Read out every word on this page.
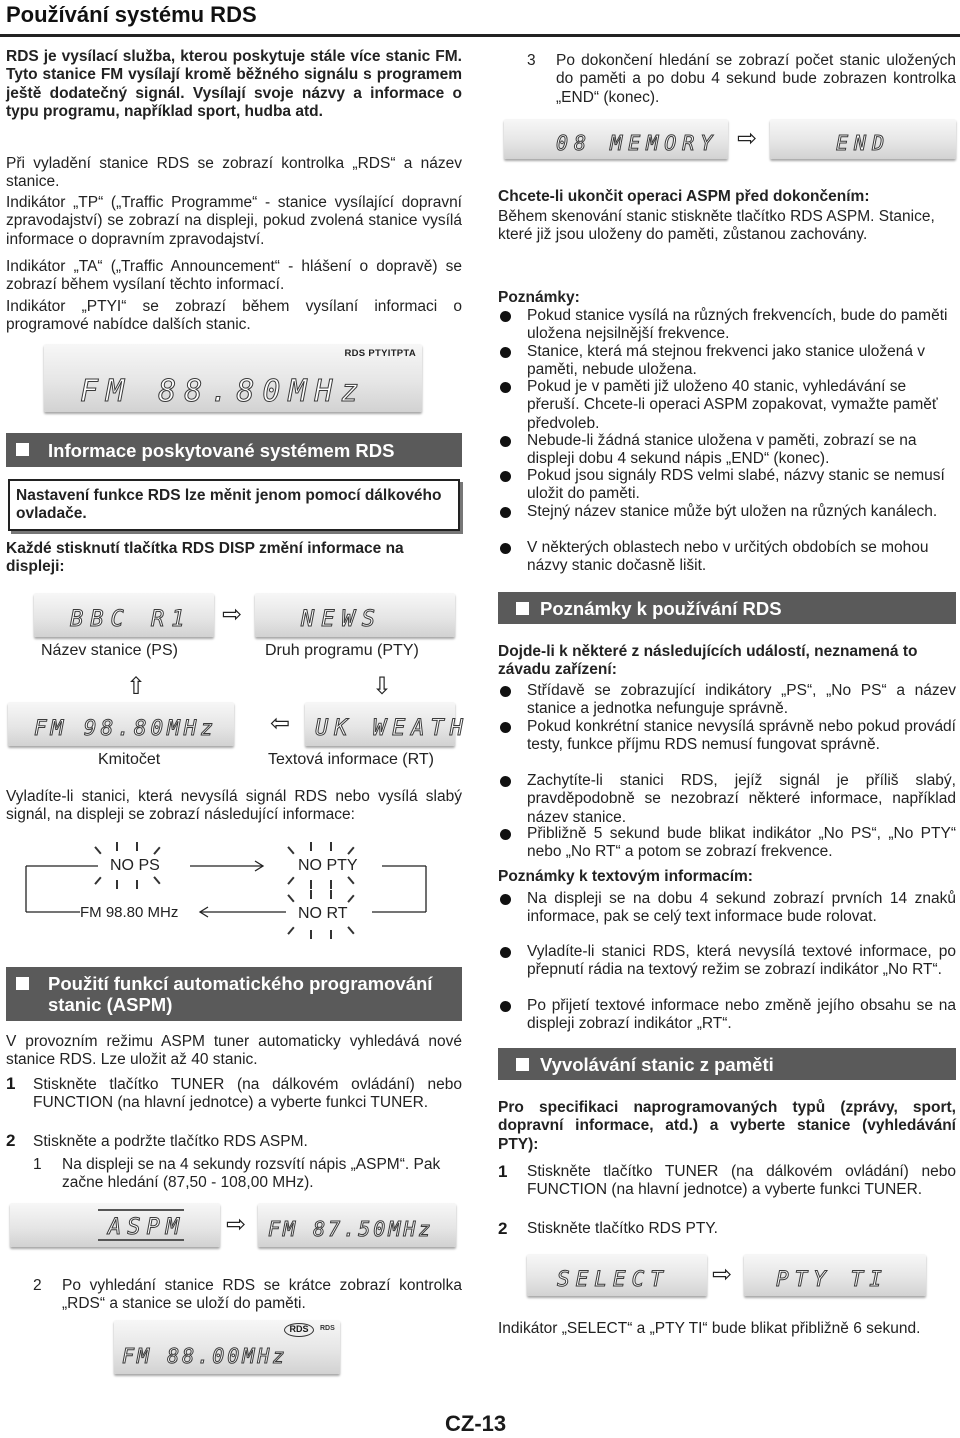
Používání systému RDS
RDS je vysílací služba, kterou poskytuje stále více stanic FM. Tyto stanice FM vysílají kromě běžného signálu s programem ještě dodatečný signál. Vysílají svoje názvy a informace o typu programu, například sport, hudba atd.
Při vyladění stanice RDS se zobrazí kontrolka „RDS“ a název stanice.
Indikátor „TP“ („Traffic Programme“ - stanice vysílající dopravní zpravodajství) se zobrazí na displeji, pokud zvolená stanice vysílá informace o dopravním zpravodajství.
Indikátor „TA“ („Traffic Announcement“ - hlášení o dopravě) se zobrazí během vysílaní těchto informací.
Indikátor „PTYI“ se zobrazí během vysílaní informaci o programové nabídce dalších stanic.
RDS PTYITPTA
FM 88.80MHz
Informace poskytované systémem RDS
Nastavení funkce RDS lze měnit jenom pomocí dálkového ovladače.
Každé stisknutí tlačítka RDS DISP změní informace na displeji:
BBC R1 ⇨	NEWS
Název stanice (PS)	Druh programu (PTY)
⇧	⇩
FM 98.80MHz ⇦ UK WEATH
Kmitočet	Textová informace (RT)
Vyladíte-li stanici, která nevysílá signál RDS nebo vysílá slabý signál, na displeji se zobrazí následující informace:
NO PS	NO PTY
FM 98.80 MHz	NO RT
Použití funkcí automatického programování stanic (ASPM)
V provozním režimu ASPM tuner automaticky vyhledává nové stanice RDS. Lze uložit až 40 stanic.
1 Stiskněte tlačítko TUNER (na dálkovém ovládání) nebo FUNCTION (na hlavní jednotce) a vyberte funkci TUNER.
2 Stiskněte a podržte tlačítko RDS ASPM.
1 Na displeji se na 4 sekundy rozsvítí nápis „ASPM“. Pak začne hledání (87,50 - 108,00 MHz).
ASPM ⇨ FM 87.50MHz
2 Po vyhledání stanice RDS se krátce zobrazí kontrolka „RDS“ a stanice se uloží do paměti.
RDS	RDS
FM 88.00MHz
CZ-13
3 Po dokončení hledání se zobrazí počet stanic uložených do paměti a po dobu 4 sekund bude zobrazen kontrolka „END“ (konec).
08 MEMORY ⇨	END
Chcete-li ukončit operaci ASPM před dokončením:
Během skenování stanic stiskněte tlačítko RDS ASPM. Stanice, které již jsou uloženy do paměti, zůstanou zachovány.
Poznámky:
Pokud stanice vysílá na různých frekvencích, bude do paměti uložena nejsilnější frekvence.
Stanice, která má stejnou frekvenci jako stanice uložená v paměti, nebude uložena.
Pokud je v paměti již uloženo 40 stanic, vyhledávání se přeruší. Chcete-li operaci ASPM zopakovat, vymažte paměť předvoleb.
Nebude-li žádná stanice uložena v paměti, zobrazí se na displeji dobu 4 sekund nápis „END“ (konec).
Pokud jsou signály RDS velmi slabé, názvy stanic se nemusí uložit do paměti.
Stejný název stanice může být uložen na různých kanálech.
V některých oblastech nebo v určitých obdobích se mohou názvy stanic dočasně lišit.
Poznámky k používání RDS
Dojde-li k některé z následujících událostí, neznamená to závadu zařízení:
Střídavě se zobrazující indikátory „PS“, „No PS“ a název stanice a jednotka nefunguje správně.
Pokud konkrétní stanice nevysílá správně nebo pokud provádí testy, funkce příjmu RDS nemusí fungovat správně.
Zachytíte-li stanici RDS, jejíž signál je příliš slabý, pravděpodobně se nezobrazí některé informace, například název stanice.
Přibližně 5 sekund bude blikat indikátor „No PS“, „No PTY“ nebo „No RT“ a potom se zobrazí frekvence.
Poznámky k textovým informacím:
Na displeji se na dobu 4 sekund zobrazí prvních 14 znaků informace, pak se celý text informace bude rolovat.
Vyladíte-li stanici RDS, která nevysílá textové informace, po přepnutí rádia na textový režim se zobrazí indikátor „No RT“.
Po přijetí textové informace nebo změně jejího obsahu se na displeji zobrazí indikátor „RT“.
Vyvolávání stanic z paměti
Pro specifikaci naprogramovaných typů (zprávy, sport, dopravní informace, atd.) a vyberte stanice (vyhledávání PTY):
1 Stiskněte tlačítko TUNER (na dálkovém ovládání) nebo FUNCTION (na hlavní jednotce) a vyberte funkci TUNER.
2 Stiskněte tlačítko RDS PTY.
SELECT ⇨ PTY TI
Indikátor „SELECT“ a „PTY TI“ bude blikat přibližně 6 sekund.
